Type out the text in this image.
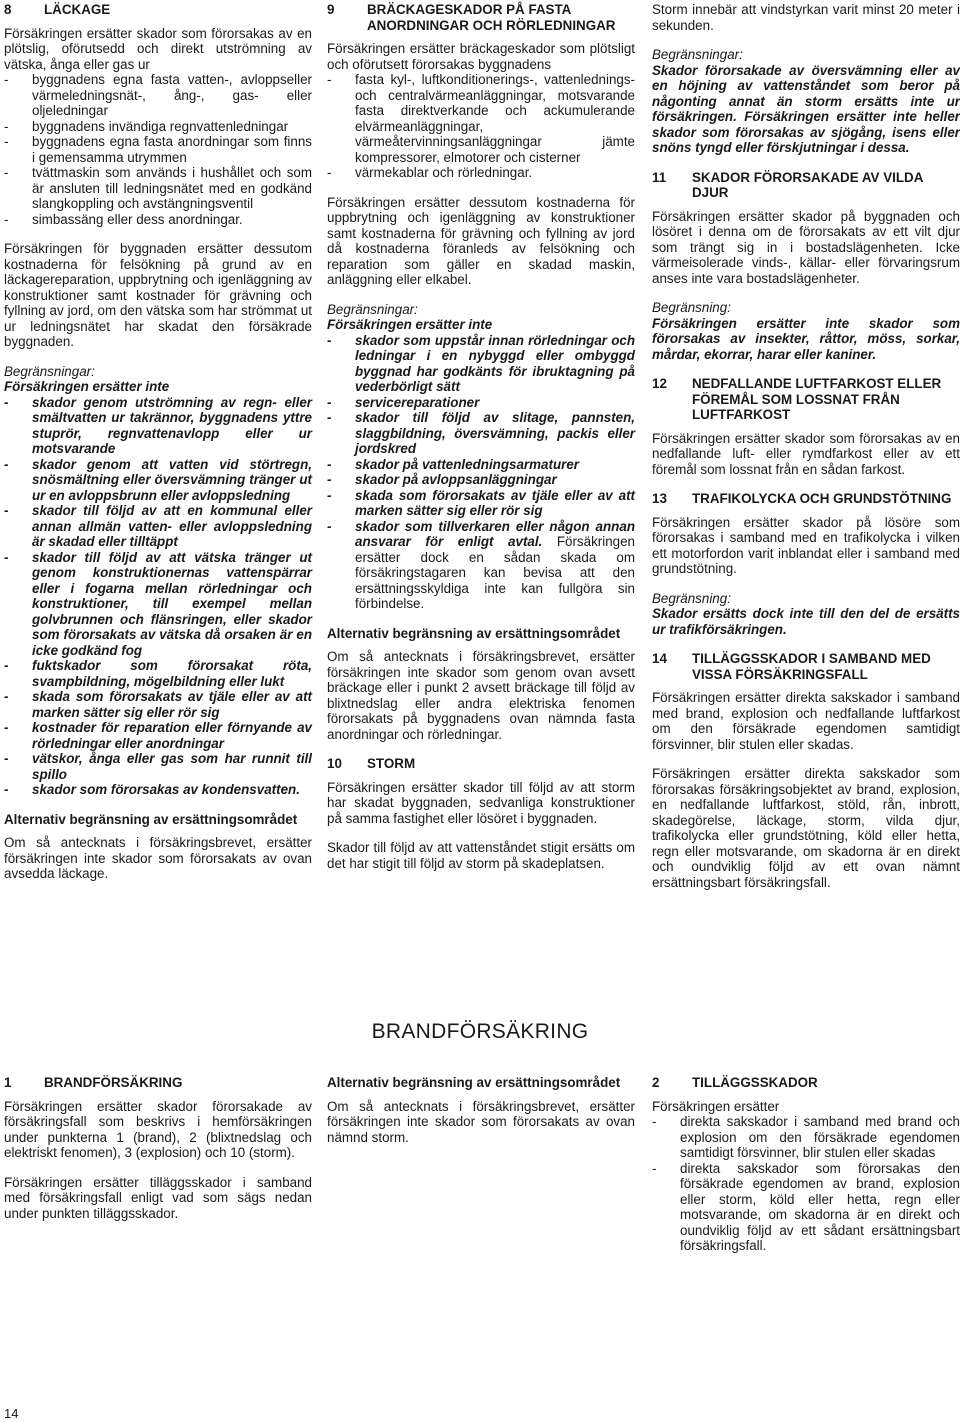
8	LÄCKAGE

Försäkringen ersätter skador som förorsakas av en plötslig, oförutsedd och direkt utströmning av vätska, ånga eller gas ur

- byggnadens egna fasta vatten-, avloppseller värmeledningsnät-, ång-, gas- eller oljeledningar
- byggnadens invändiga regnvattenledningar
- byggnadens egna fasta anordningar som finns i gemensamma utrymmen
- tvättmaskin som används i hushållet och som är ansluten till ledningsnätet med en godkänd slangkoppling och avstängningsventil
- simbassäng eller dess anordningar.

Försäkringen för byggnaden ersätter dessutom kostnaderna för felsökning på grund av en läckagereparation, uppbrytning och igenläggning av konstruktioner samt kostnader för grävning och fyllning av jord, om den vätska som har strömmat ut ur ledningsnätet har skadat den försäkrade byggnaden.

Begränsningar:
Försäkringen ersätter inte
- skador genom utströmning av regn- eller smältvatten ur takrännor, byggnadens yttre stuprör, regnvattenavlopp eller ur motsvarande
- skador genom att vatten vid störtregn, snösmältning eller översvämning tränger ut ur en avloppsbrunn eller avloppsledning
- skador till följd av att en kommunal eller annan allmän vatten- eller avloppsledning är skadad eller tilltäppt
- skador till följd av att vätska tränger ut genom konstruktionernas vattenspärrar eller i fogarna mellan rörledningar och konstruktioner, till exempel mellan golvbrunnen och flänsringen, eller skador som förorsakats av vätska då orsaken är en icke godkänd fog
- fuktskador som förorsakat röta, svampbildning, mögelbildning eller lukt
- skada som förorsakats av tjäle eller av att marken sätter sig eller rör sig
- kostnader för reparation eller förnyande av rörledningar eller anordningar
- vätskor, ånga eller gas som har runnit till spillo
- skador som förorsakas av kondensvatten.
Alternativ begränsning av ersättningsområdet

Om så antecknats i försäkringsbrevet, ersätter försäkringen inte skador som förorsakats av ovan avsedda läckage.

9	BRÄCKAGESKADOR PÅ FASTA ANORDNINGAR OCH RÖRLEDNINGAR

Försäkringen ersätter bräckageskador som plötsligt och oförutsett förorsakas byggnadens

- fasta kyl-, luftkonditionerings-, vattenlednings- och centralvärmeanläggningar, motsvarande fasta direktverkande och ackumulerande elvärmeanläggningar, värmeåtervinningsanläggningar jämte kompressorer, elmotorer och cisterner
- värmekablar och rörledningar.

Försäkringen ersätter dessutom kostnaderna för uppbrytning och igenläggning av konstruktioner samt kostnaderna för grävning och fyllning av jord då kostnaderna föranleds av felsökning och reparation som gäller en skadad maskin, anläggning eller elkabel.

Begränsningar:
Försäkringen ersätter inte
- skador som uppstår innan rörledningar och ledningar i en nybyggd eller ombyggd byggnad har godkänts för ibruktagning på vederbörligt sätt
- servicereparationer
- skador till följd av slitage, pannsten, slaggbildning, översvämning, packis eller jordskred
- skador på vattenledningsarmaturer
- skador på avloppsanläggningar
- skada som förorsakats av tjäle eller av att marken sätter sig eller rör sig
- skador som tillverkaren eller någon annan ansvarar för enligt avtal. Försäkringen ersätter dock en sådan skada om försäkringstagaren kan bevisa att den ersättningsskyldiga inte kan fullgöra sin förbindelse.
Alternativ begränsning av ersättningsområdet

Om så antecknats i försäkringsbrevet, ersätter försäkringen inte skador som genom ovan avsett bräckage eller i punkt 2 avsett bräckage till följd av blixtnedslag eller andra elektriska fenomen förorsakats på byggnadens ovan nämnda fasta anordningar och rörledningar.

10	STORM

Försäkringen ersätter skador till följd av att storm har skadat byggnaden, sedvanliga konstruktioner på samma fastighet eller lösöret i byggnaden.

Skador till följd av att vattenståndet stigit ersätts om det har stigit till följd av storm på skadeplatsen.

Storm innebär att vindstyrkan varit minst 20 meter i sekunden.

Begränsningar:

Skador förorsakade av översvämning eller av en höjning av vattenståndet som beror på någonting annat än storm ersätts inte ur försäkringen. Försäkringen ersätter inte heller skador som förorsakas av sjögång, isens eller snöns tyngd eller förskjutningar i dessa.

11	SKADOR FÖRORSAKADE AV VILDA DJUR

Försäkringen ersätter skador på byggnaden och lösöret i denna om de förorsakats av ett vilt djur som trängt sig in i bostadslägenheten. Icke värmeisolerade vinds-, källar- eller förvaringsrum anses inte vara bostadslägenheter.

Begränsning:

Försäkringen ersätter inte skador som förorsakas av insekter, råttor, möss, sorkar, mårdar, ekorrar, harar eller kaniner.

12	NEDFALLANDE LUFTFARKOST ELLER FÖREMÅL SOM LOSSNAT FRÅN LUFTFARKOST

Försäkringen ersätter skador som förorsakas av en nedfallande luft- eller rymdfarkost eller av ett föremål som lossnat från en sådan farkost.

13	TRAFIKOLYCKA OCH GRUNDSTÖTNING

Försäkringen ersätter skador på lösöre som förorsakas i samband med en trafikolycka i vilken ett motorfordon varit inblandat eller i samband med grundstötning.

Begränsning:

Skador ersätts dock inte till den del de ersätts ur trafikförsäkringen.

14	TILLÄGGSSKADOR I SAMBAND MED VISSA FÖRSÄKRINGSFALL

Försäkringen ersätter direkta sakskador i samband med brand, explosion och nedfallande luftfarkost om den försäkrade egendomen samtidigt försvinner, blir stulen eller skadas.

Försäkringen ersätter direkta sakskador som förorsakas försäkringsobjektet av brand, explosion, en nedfallande luftfarkost, stöld, rån, inbrott, skadegörelse, läckage, storm, vilda djur, trafikolycka eller grundstötning, köld eller hetta, regn eller motsvarande, om skadorna är en direkt och oundviklig följd av ett ovan nämnt ersättningsbart försäkringsfall.

BRANDFÖRSÄKRING
1	BRANDFÖRSÄKRING

Försäkringen ersätter skador förorsakade av försäkringsfall som beskrivs i hemförsäkringen under punkterna 1 (brand), 2 (blixtnedslag och elektriskt fenomen), 3 (explosion) och 10 (storm).

Försäkringen ersätter tilläggsskador i samband med försäkringsfall enligt vad som sägs nedan under punkten tilläggsskador.

Alternativ begränsning av ersättningsområdet

Om så antecknats i försäkringsbrevet, ersätter försäkringen inte skador som förorsakats av ovan nämnd storm.

2	TILLÄGGSSKADOR

Försäkringen ersätter

- direkta sakskador i samband med brand och explosion om den försäkrade egendomen samtidigt försvinner, blir stulen eller skadas
- direkta sakskador som förorsakas den försäkrade egendomen av brand, explosion eller storm, köld eller hetta, regn eller motsvarande, om skadorna är en direkt och oundviklig följd av ett sådant ersättningsbart försäkringsfall.
14
